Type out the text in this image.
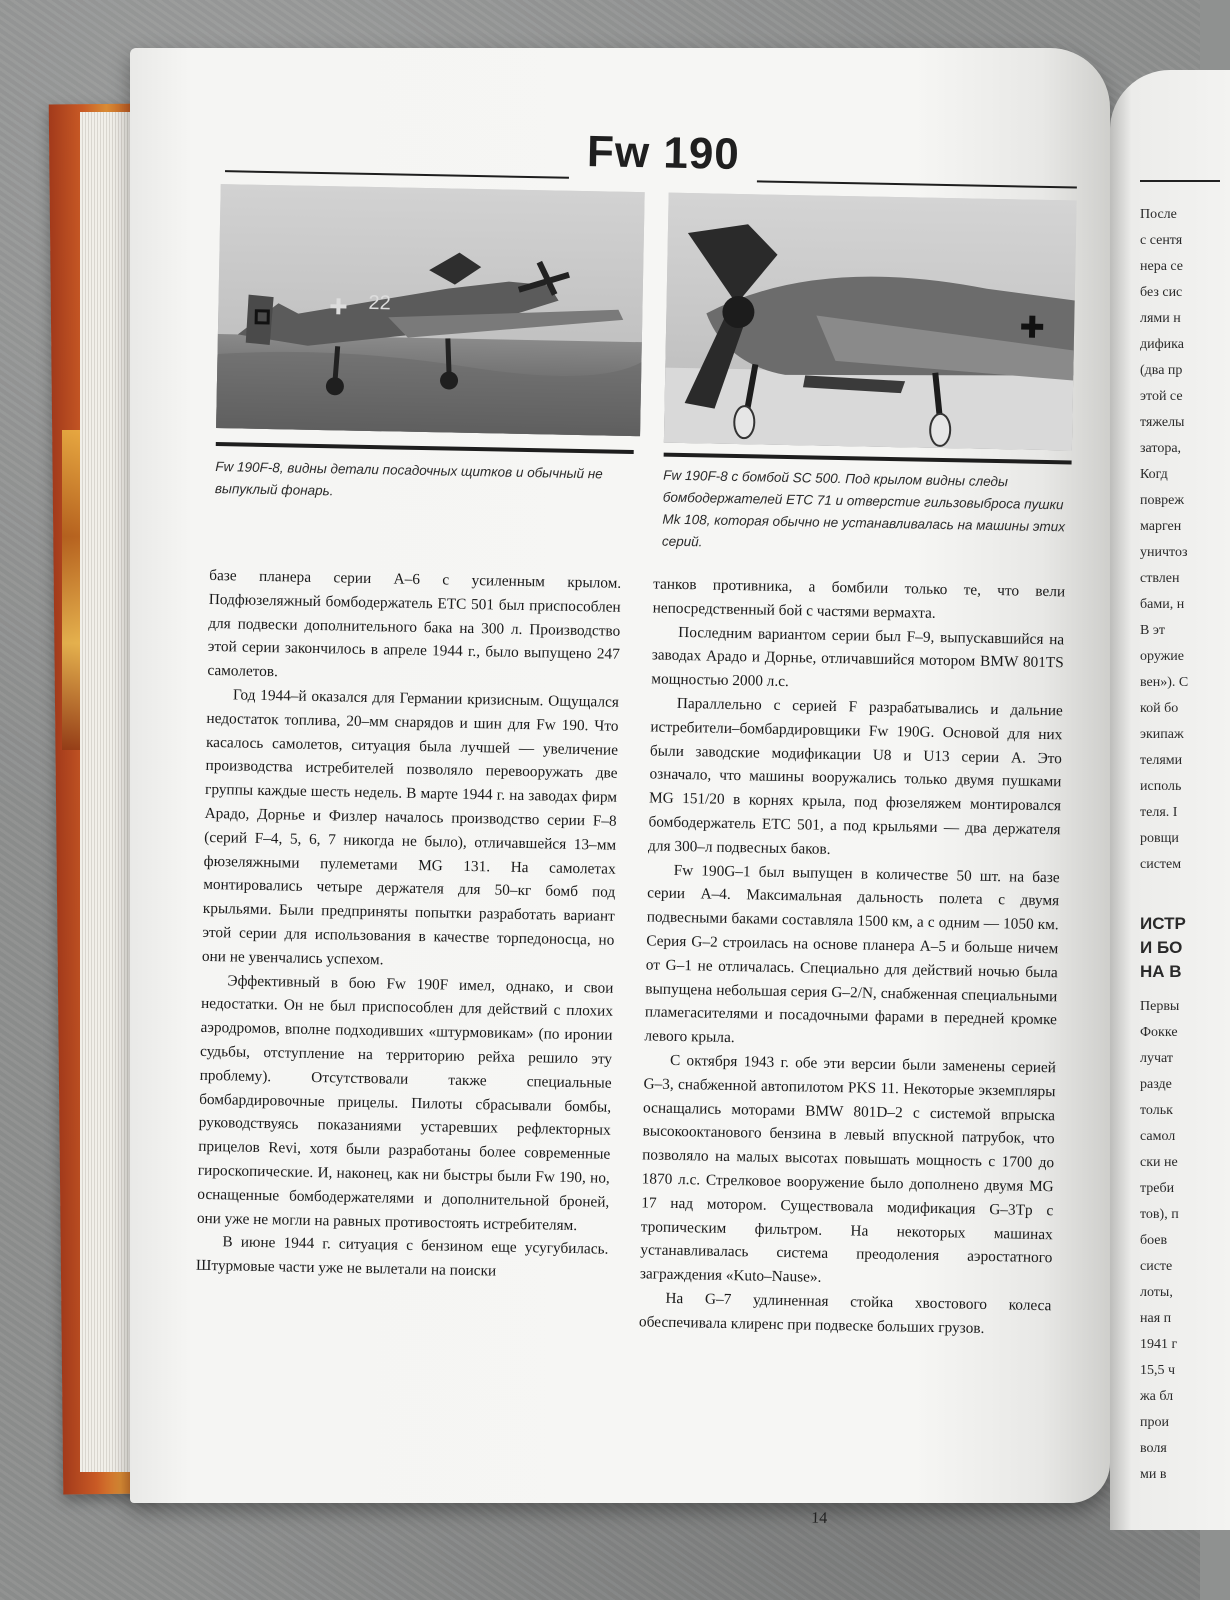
После
с сентя
нера се
без сис
лями н
дифика
(два пр
этой се
тяжелы
затора,
Когд
повреж
марген
уничтоз
ствлен
бами, н
В эт
оружие
вен»). С
кой бо
экипаж
телями
исполь
теля. I
ровщи
систем
ИСТР
И БО
НА В
Первы
Фокке
лучат
разде
тольк
самол
ски не
треби
тов), п
боев
систе
лоты,
ная п
1941 г
15,5 ч
жа бл
прои
воля
ми в
Fw 190
22

Fw 190F-8, видны детали посадочных щитков и обычный не выпуклый фонарь.

Fw 190F-8 с бомбой SC 500. Под крылом видны следы бомбодержателей ETC 71 и отверстие гильзовыброса пушки Mk 108, которая обычно не устанавливалась на машины этих серий.

базе планера серии A–6 с усиленным крылом. Подфюзеляжный бомбодержатель ETC 501 был приспособлен для подвески дополнительного бака на 300 л. Производство этой серии закончилось в апреле 1944 г., было выпущено 247 самолетов.

Год 1944–й оказался для Германии кризисным. Ощущался недостаток топлива, 20–мм снарядов и шин для Fw 190. Что касалось самолетов, ситуация была лучшей — увеличение производства истребителей позволяло перевооружать две группы каждые шесть недель. В марте 1944 г. на заводах фирм Арадо, Дорнье и Физлер началось производство серии F–8 (серий F–4, 5, 6, 7 никогда не было), отличавшейся 13–мм фюзеляжными пулеметами MG 131. На самолетах монтировались четыре держателя для 50–кг бомб под крыльями. Были предприняты попытки разработать вариант этой серии для использования в качестве торпедоносца, но они не увенчались успехом.

Эффективный в бою Fw 190F имел, однако, и свои недостатки. Он не был приспособлен для действий с плохих аэродромов, вполне подходивших «штурмовикам» (по иронии судьбы, отступление на территорию рейха решило эту проблему). Отсутствовали также специальные бомбардировочные прицелы. Пилоты сбрасывали бомбы, руководствуясь показаниями устаревших рефлекторных прицелов Revi, хотя были разработаны более современные гироскопические. И, наконец, как ни быстры были Fw 190, но, оснащенные бомбодержателями и дополнительной броней, они уже не могли на равных противостоять истребителям.

В июне 1944 г. ситуация с бензином еще усугубилась. Штурмовые части уже не вылетали на поиски

танков противника, а бомбили только те, что вели непосредственный бой с частями вермахта.

Последним вариантом серии был F–9, выпускавшийся на заводах Арадо и Дорнье, отличавшийся мотором BMW 801TS мощностью 2000 л.с.

Параллельно с серией F разрабатывались и дальние истребители–бомбардировщики Fw 190G. Основой для них были заводские модификации U8 и U13 серии A. Это означало, что машины вооружались только двумя пушками MG 151/20 в корнях крыла, под фюзеляжем монтировался бомбодержатель ETC 501, а под крыльями — два держателя для 300–л подвесных баков.

Fw 190G–1 был выпущен в количестве 50 шт. на базе серии A–4. Максимальная дальность полета с двумя подвесными баками составляла 1500 км, а с одним — 1050 км. Серия G–2 строилась на основе планера A–5 и больше ничем от G–1 не отличалась. Специально для действий ночью была выпущена небольшая серия G–2/N, снабженная специальными пламегасителями и посадочными фарами в передней кромке левого крыла.

С октября 1943 г. обе эти версии были заменены серией G–3, снабженной автопилотом PKS 11. Некоторые экземпляры оснащались моторами BMW 801D–2 с системой впрыска высокооктанового бензина в левый впускной патрубок, что позволяло на малых высотах повышать мощность с 1700 до 1870 л.с. Стрелковое вооружение было дополнено двумя MG 17 над мотором. Существовала модификация G–3Tp с тропическим фильтром. На некоторых машинах устанавливалась система преодоления аэростатного заграждения «Kuto–Nause».

На G–7 удлиненная стойка хвостового колеса обеспечивала клиренс при подвеске больших грузов.

14
